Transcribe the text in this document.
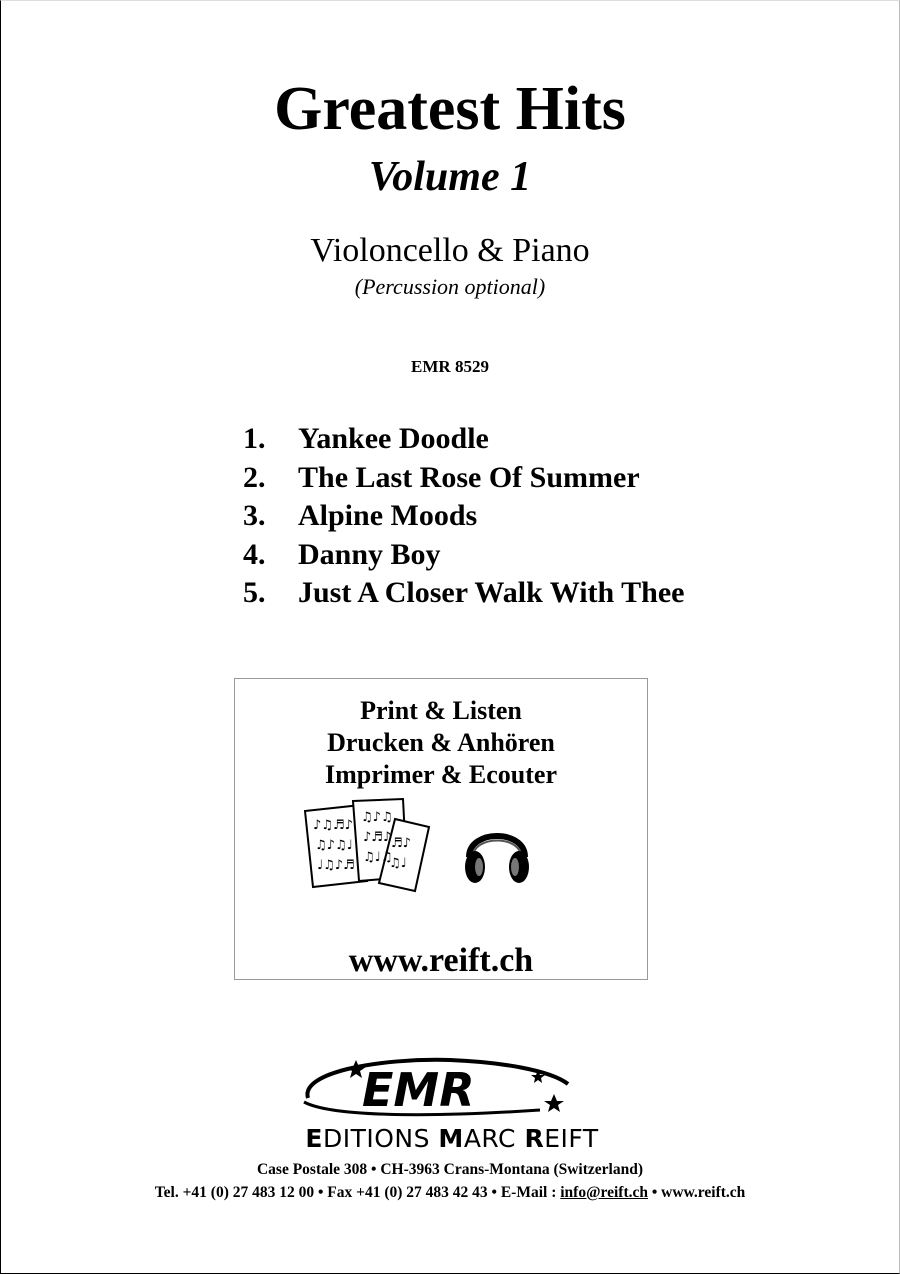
Greatest Hits
Volume 1
Violoncello & Piano
(Percussion optional)
EMR 8529
1.	Yankee Doodle
2.	The Last Rose Of Summer
3.	Alpine Moods
4.	Danny Boy
5.	Just A Closer Walk With Thee
Print & Listen
Drucken & Anhören
Imprimer & Ecouter
♪♫♬♪
♫♪♫♩
♩♫♪♬
♫♪♫
♪♬♪
♫♩♫
♬♪
♫♩
www.reift.ch
EMR
EDITIONS MARC REIFT
Case Postale 308 • CH-3963 Crans-Montana (Switzerland)
Tel. +41 (0) 27 483 12 00 • Fax +41 (0) 27 483 42 43 • E-Mail : info@reift.ch • www.reift.ch
